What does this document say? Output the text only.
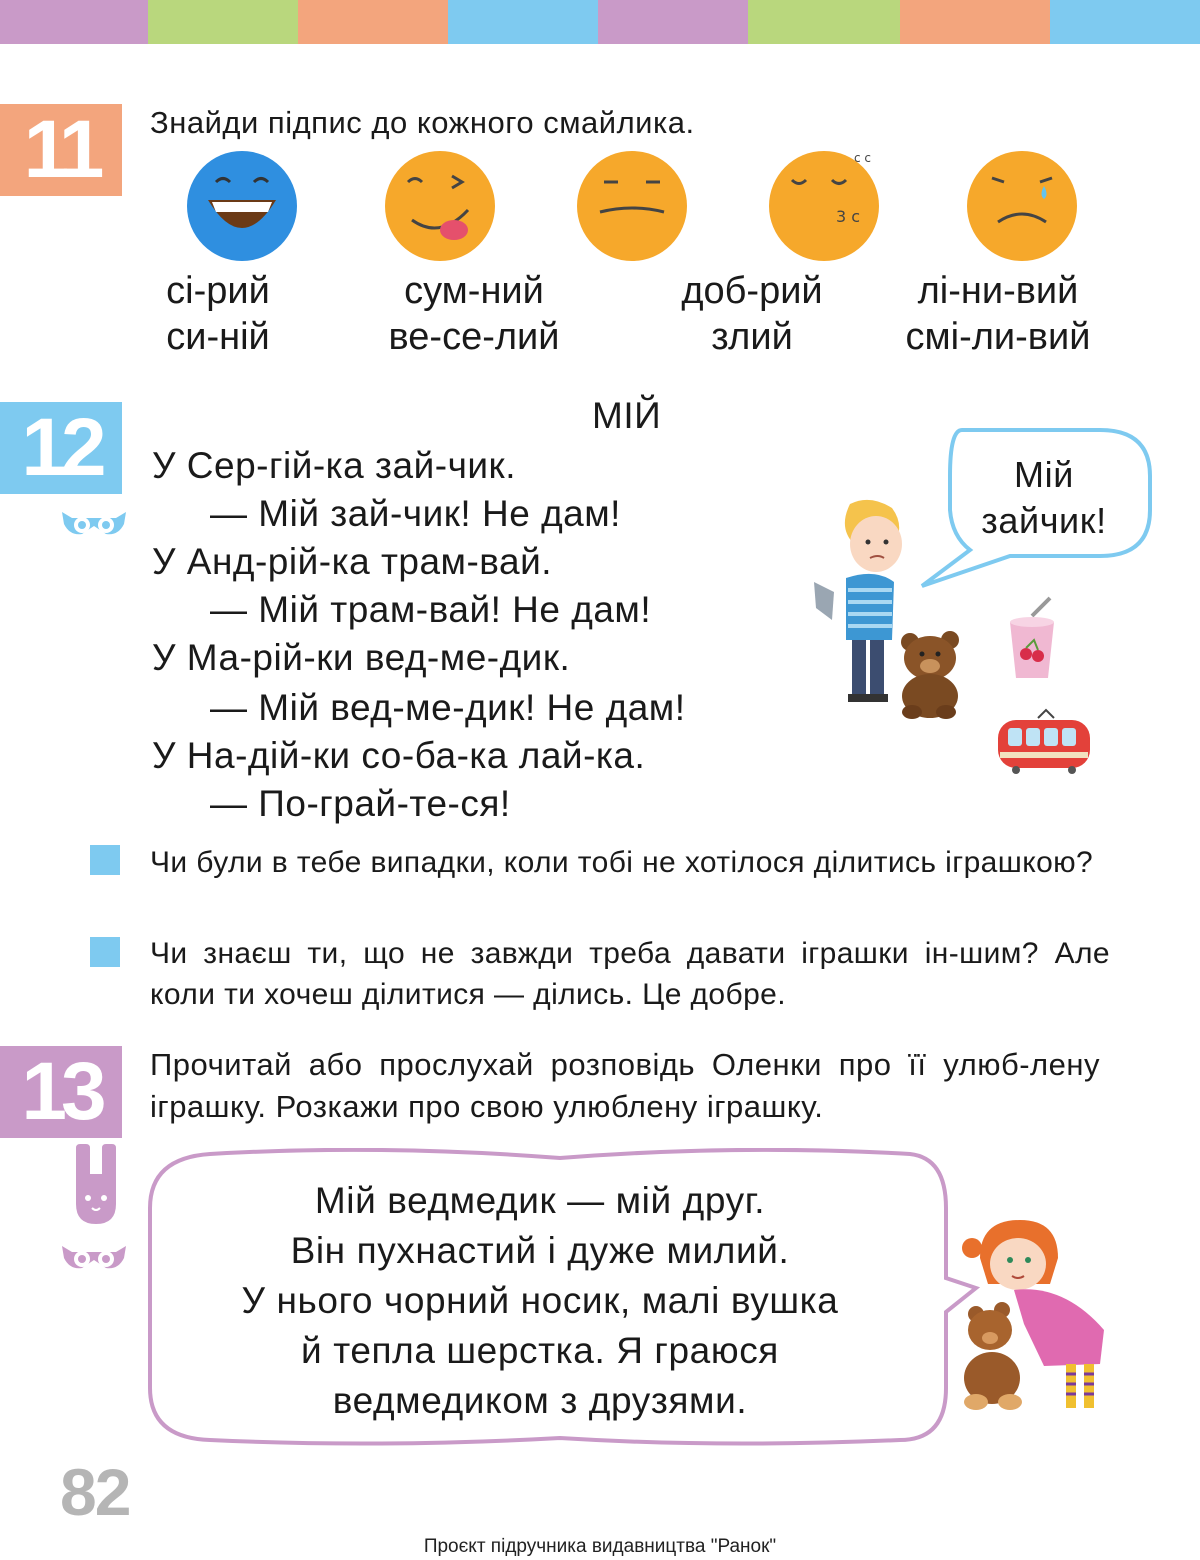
11	Знайди підпис до кожного смайлика.
3 c
c c
сі-рий
си-ній
сум-ний
ве-се-лий
доб-рий
злий
лі-ни-вий
смі-ли-вий
12	МІЙ
У Сер-гій-ка зай-чик.
— Мій зай-чик! Не дам!
У Анд-рій-ка трам-вай.
— Мій трам-вай! Не дам!
У Ма-рій-ки вед-ме-дик.
— Мій вед-ме-дик! Не дам!
У На-дій-ки со-ба-ка лай-ка.
— По-грай-те-ся!
Мій
зайчик!
Чи були в тебе випадки, коли тобі не хотілося ділитись іграшкою?
Чи знаєш ти, що не завжди треба давати іграшки ін-шим? Але коли ти хочеш ділитися — ділись. Це добре.
13	Прочитай або прослухай розповідь Оленки про її улюб-лену іграшку. Розкажи про свою улюблену іграшку.
Мій ведмедик — мій друг.
Він пухнастий і дуже милий.
У нього чорний носик, малі вушка
й тепла шерстка. Я граюся
ведмедиком з друзями.
82
Проєкт підручника видавництва "Ранок"
